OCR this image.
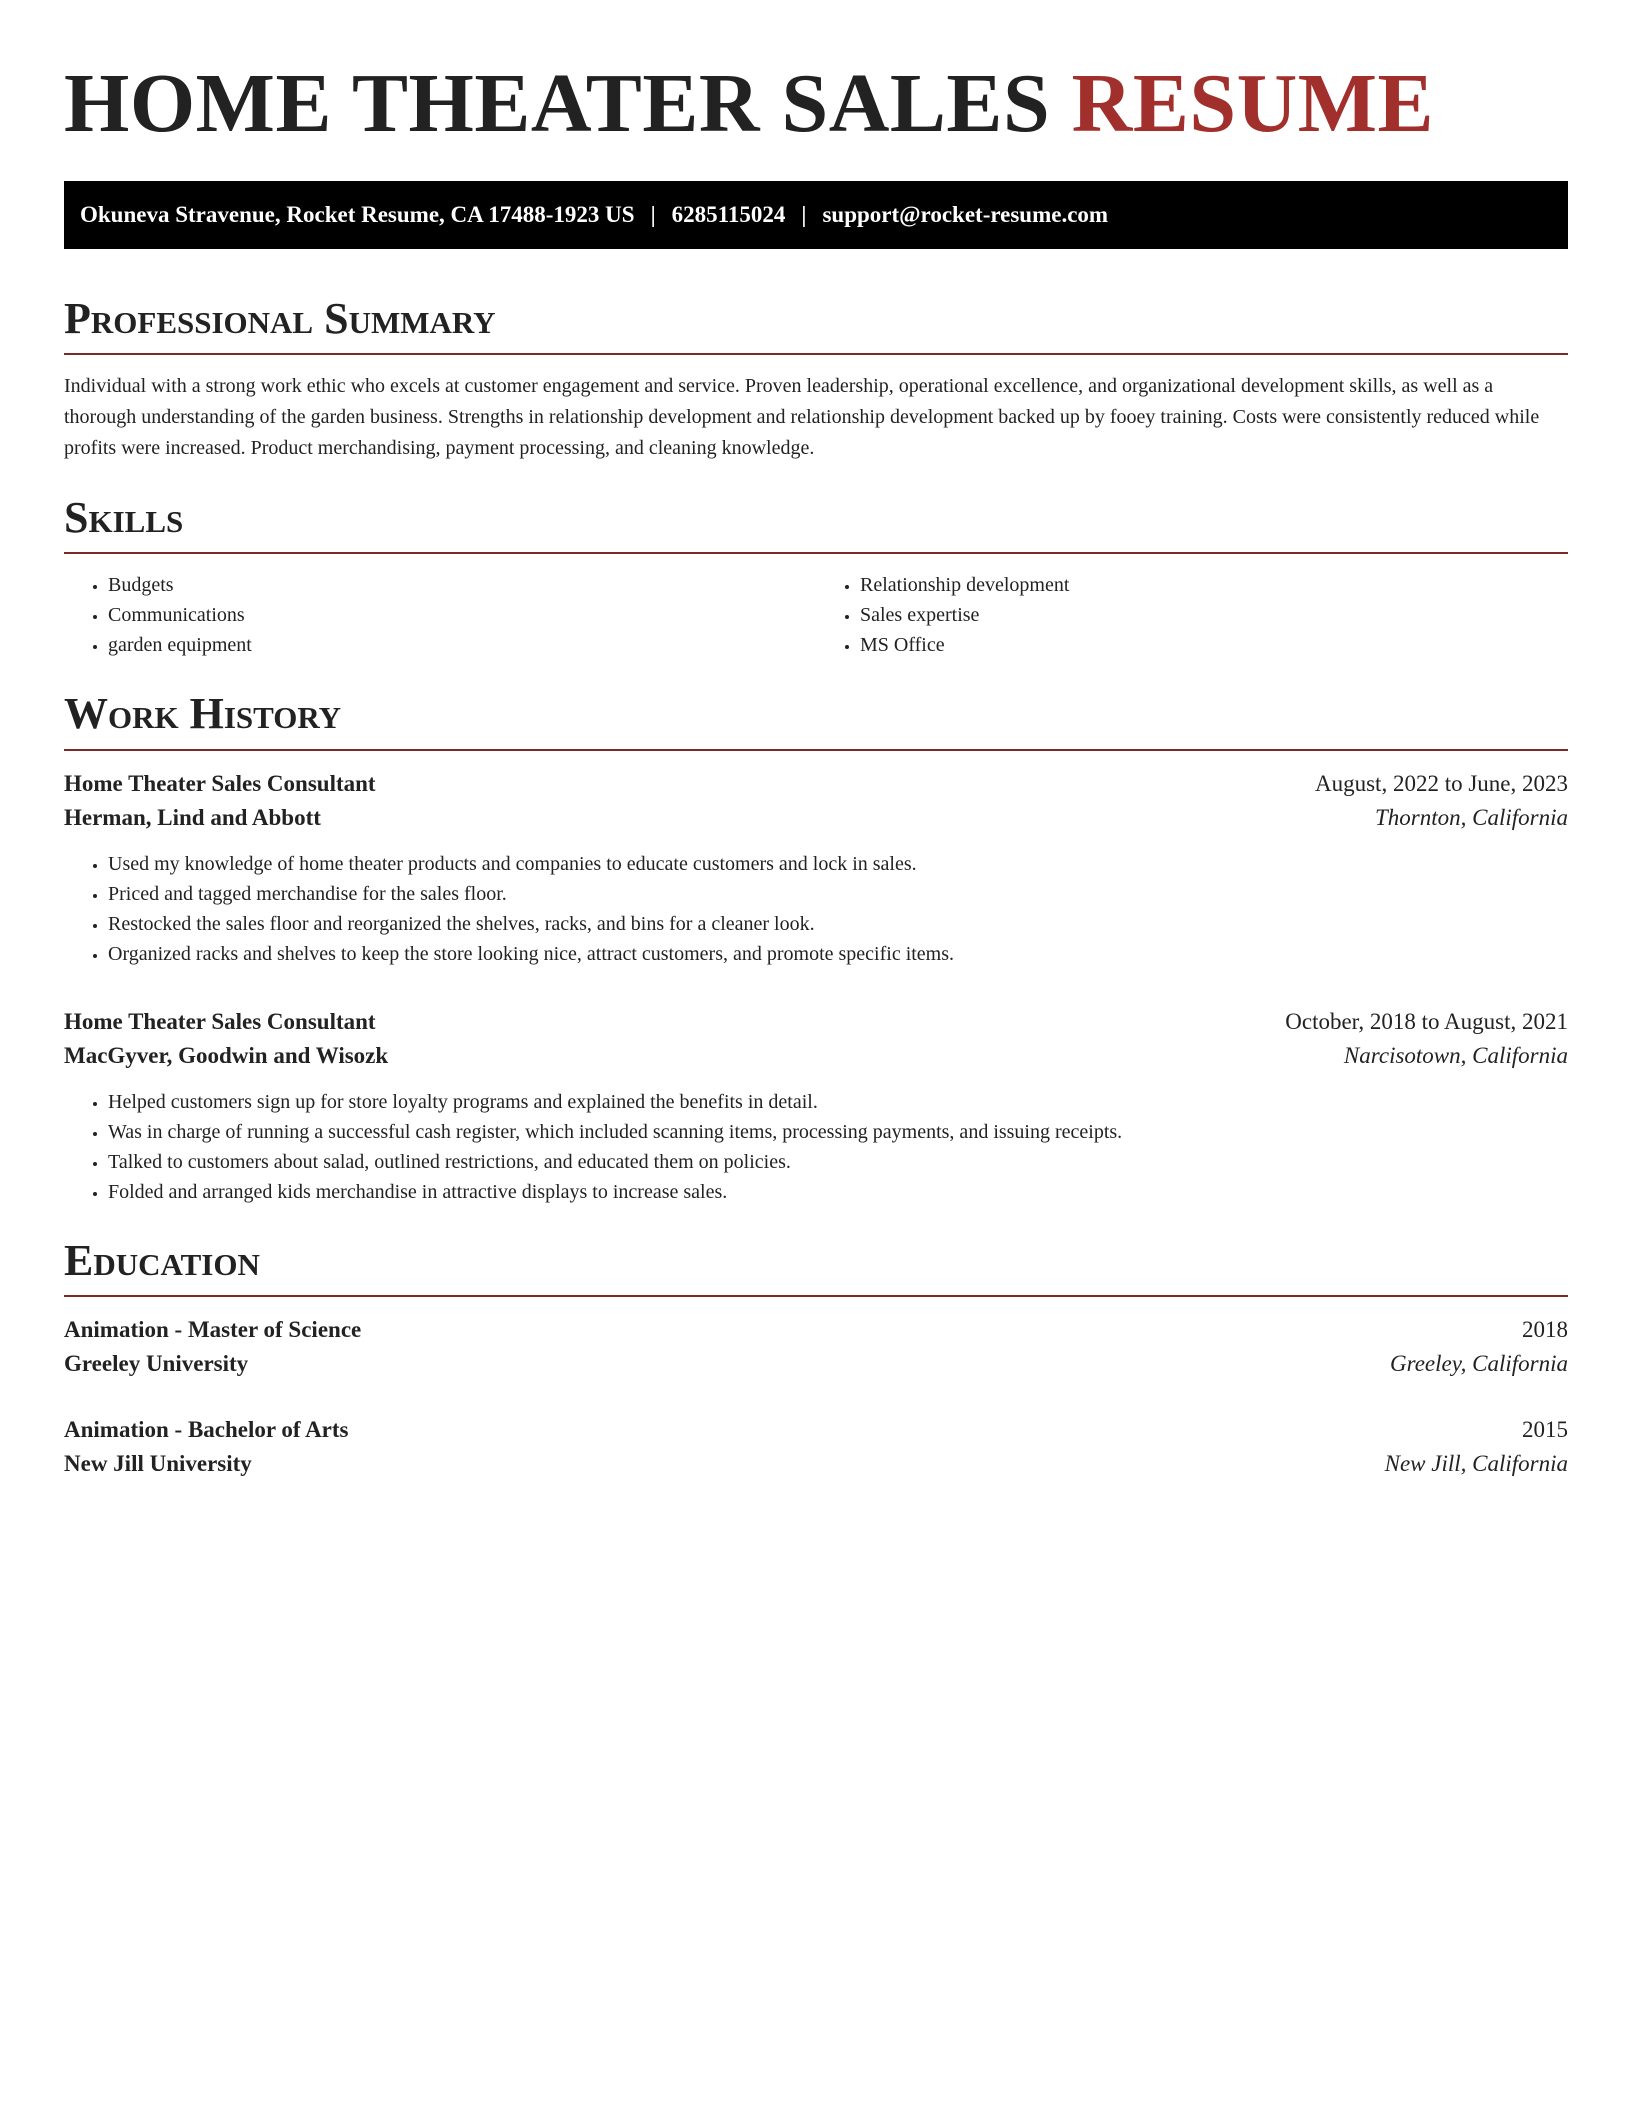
HOME THEATER SALES RESUME
Okuneva Stravenue, Rocket Resume, CA 17488-1923 US | 6285115024 | support@rocket-resume.com
Professional Summary

Individual with a strong work ethic who excels at customer engagement and service. Proven leadership, operational excellence, and organizational development skills, as well as a thorough understanding of the garden business. Strengths in relationship development and relationship development backed up by fooey training. Costs were consistently reduced while profits were increased. Product merchandising, payment processing, and cleaning knowledge.

Skills
• Budgets
• Communications
• garden equipment
• Relationship development
• Sales expertise
• MS Office
Work History
Home Theater Sales Consultant	August, 2022 to June, 2023
Herman, Lind and Abbott	Thornton, California
• Used my knowledge of home theater products and companies to educate customers and lock in sales.
• Priced and tagged merchandise for the sales floor.
• Restocked the sales floor and reorganized the shelves, racks, and bins for a cleaner look.
• Organized racks and shelves to keep the store looking nice, attract customers, and promote specific items.
Home Theater Sales Consultant	October, 2018 to August, 2021
MacGyver, Goodwin and Wisozk	Narcisotown, California
• Helped customers sign up for store loyalty programs and explained the benefits in detail.
• Was in charge of running a successful cash register, which included scanning items, processing payments, and issuing receipts.
• Talked to customers about salad, outlined restrictions, and educated them on policies.
• Folded and arranged kids merchandise in attractive displays to increase sales.
Education
Animation - Master of Science	2018
Greeley University	Greeley, California
Animation - Bachelor of Arts	2015
New Jill University	New Jill, California
